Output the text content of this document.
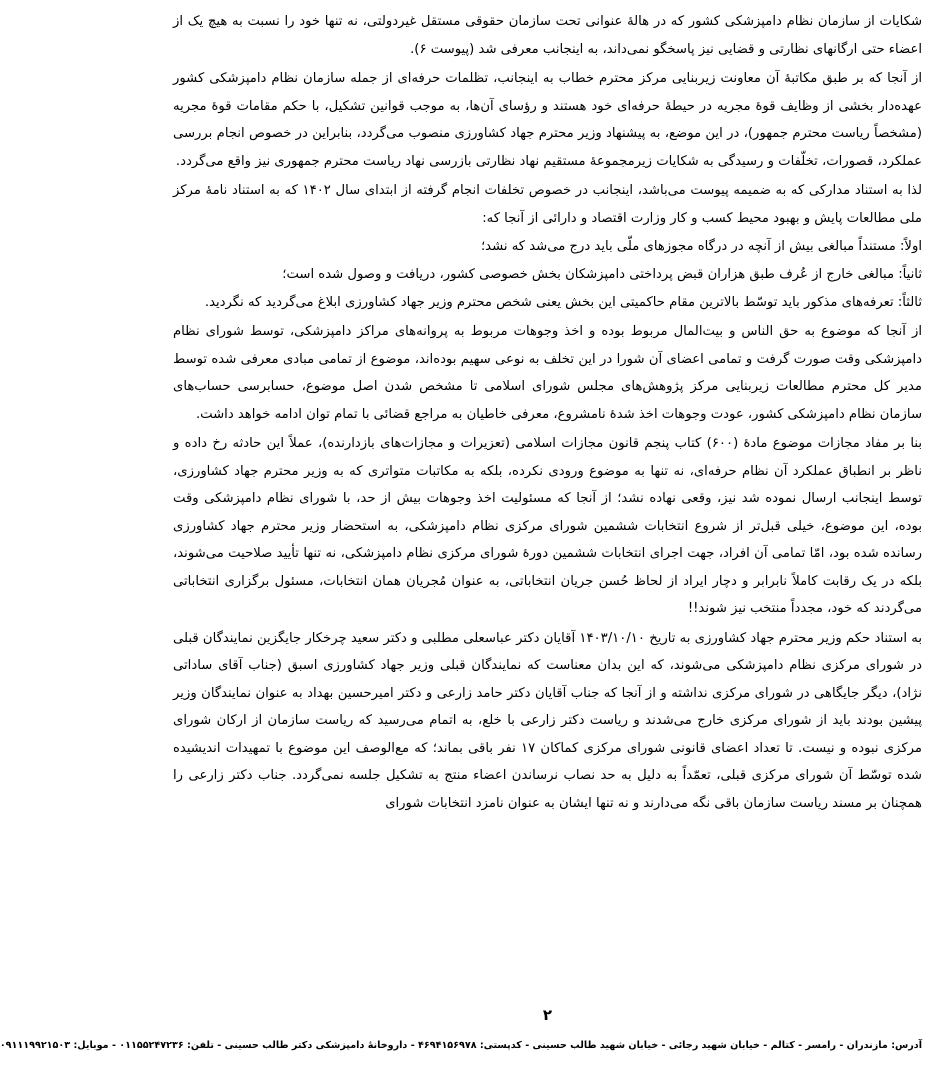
شکایات از سازمان نظام دامپزشکی کشور که در هالهٔ عنوانی تحت سازمان حقوقی مستقل غیردولتی، نه تنها خود را نسبت به هیچ یک از اعضاء حتی ارگانهای نظارتی و قضایی نیز پاسخگو نمی‌داند، به اینجانب معرفی شد (پیوست ۶).

از آنجا که بر طبق مکاتبهٔ آن معاونت زیربنایی مرکز محترم خطاب به اینجانب، تظلمات حرفه‌ای از جمله سازمان نظام دامپزشکی کشور عهده‌دار بخشی از وظایف قوهٔ مجریه در حیطهٔ حرفه‌ای خود هستند و رؤسای آن‌ها، به موجب قوانین تشکیل، با حکم مقامات قوهٔ مجریه (مشخصاً ریاست محترم جمهور)، در این موضع، به پیشنهاد وزیر محترم جهاد کشاورزی منصوب می‌گردد، بنابراین در خصوص انجام بررسی عملکرد، قصورات، تخلّفات و رسیدگی به شکایات زیرمجموعهٔ مستقیم نهاد نظارتی بازرسی نهاد ریاست محترم جمهوری نیز واقع می‌گردد.

لذا به استناد مدارکی که به ضمیمه پیوست می‌باشد، اینجانب در خصوص تخلفات انجام گرفته از ابتدای سال ۱۴۰۲ که به استناد نامهٔ مرکز ملی مطالعات پایش و بهبود محیط کسب و کار وزارت اقتصاد و دارائی از آنجا که:

اولاً: مستنداً مبالغی بیش از آنچه در درگاه مجوزهای ملّی باید درج می‌شد که نشد؛

ثانیاً: مبالغی خارج از عُرف طبق هزاران قبض پرداختی دامپزشکان بخش خصوصی کشور، دریافت و وصول شده است؛

ثالثاً: تعرفه‌های مذکور باید توسّط بالاترین مقام حاکمیتی این بخش یعنی شخص محترم وزیر جهاد کشاورزی ابلاغ می‌گردید که نگردید.

از آنجا که موضوع به حق الناس و بیت‌المال مربوط بوده و اخذ وجوهات مربوط به پروانه‌های مراکز دامپزشکی، توسط شورای نظام دامپزشکی وقت صورت گرفت و تمامی اعضای آن شورا در این تخلف به نوعی سهیم بوده‌اند، موضوع از تمامی مبادی معرفی شده توسط مدیر کل محترم مطالعات زیربنایی مرکز پژوهش‌های مجلس شورای اسلامی تا مشخص شدن اصل موضوع، حسابرسی حساب‌های سازمان نظام دامپزشکی کشور، عودت وجوهات اخذ شدهٔ نامشروع، معرفی خاطیان به مراجع قضائی با تمام توان ادامه خواهد داشت.

بنا بر مفاد مجازات موضوع مادهٔ (۶۰۰) کتاب پنجم قانون مجازات اسلامی (تعزیرات و مجازات‌های بازدارنده)، عملاً این حادثه رخ داده و ناظر بر انطباق عملکرد آن نظام حرفه‌ای، نه تنها به موضوع ورودی نکرده، بلکه به مکاتبات متواتری که به وزیر محترم جهاد کشاورزی، توسط اینجانب ارسال نموده شد نیز، وقعی نهاده نشد؛ از آنجا که مسئولیت اخذ وجوهات بیش از حد، با شورای نظام دامپزشکی وقت بوده، این موضوع، خیلی قبل‌تر از شروع انتخابات ششمین شورای مرکزی نظام دامپزشکی، به استحضار وزیر محترم جهاد کشاورزی رسانده شده بود، امّا تمامی آن افراد، جهت اجرای انتخابات ششمین دورهٔ شورای مرکزی نظام دامپزشکی، نه تنها تأیید صلاحیت می‌شوند، بلکه در یک رقابت کاملاً نابرابر و دچار ایراد از لحاظ حُسن جریان انتخاباتی، به عنوان مُجریان همان انتخابات، مسئول برگزاری انتخاباتی می‌گردند که خود، مجدداً منتخب نیز شوند!!

به استناد حکم وزیر محترم جهاد کشاورزی به تاریخ ۱۴۰۳/۱۰/۱۰ آقایان دکتر عباسعلی مطلبی و دکتر سعید چرخکار جایگزین نمایندگان قبلی در شورای مرکزی نظام دامپزشکی می‌شوند، که این بدان معناست که نمایندگان قبلی وزیر جهاد کشاورزی اسبق (جناب آقای ساداتی نژاد)، دیگر جایگاهی در شورای مرکزی نداشته و از آنجا که جناب آقایان دکتر حامد زارعی و دکتر امیرحسین بهداد به عنوان نمایندگان وزیر پیشین بودند باید از شورای مرکزی خارج می‌شدند و ریاست دکتر زارعی با خلع، به اتمام می‌رسید که ریاست سازمان از ارکان شورای مرکزی نبوده و نیست. تا تعداد اعضای قانونی شورای مرکزی کماکان ۱۷ نفر باقی بماند؛ که مع‌الوصف این موضوع با تمهیدات اندیشیده شده توسّط آن شورای مرکزی قبلی، تعمّداً به دلیل به حد نصاب نرساندن اعضاء منتج به تشکیل جلسه نمی‌گردد. جناب دکتر زارعی را همچنان بر مسند ریاست سازمان باقی نگه می‌دارند و نه تنها ایشان به عنوان نامزد انتخابات شورای

۲
آدرس: مازندران - رامسر - کتالم - خیابان شهید رجائی - خیابان شهید طالب حسینی - کدپستی: ۴۶۹۴۱۵۶۹۷۸ - داروخانهٔ دامپزشکی دکتر طالب حسینی - تلفن: ۰۱۱۵۵۲۴۷۲۳۶ - موبایل: ۰۹۱۱۱۹۹۲۱۵۰۳
